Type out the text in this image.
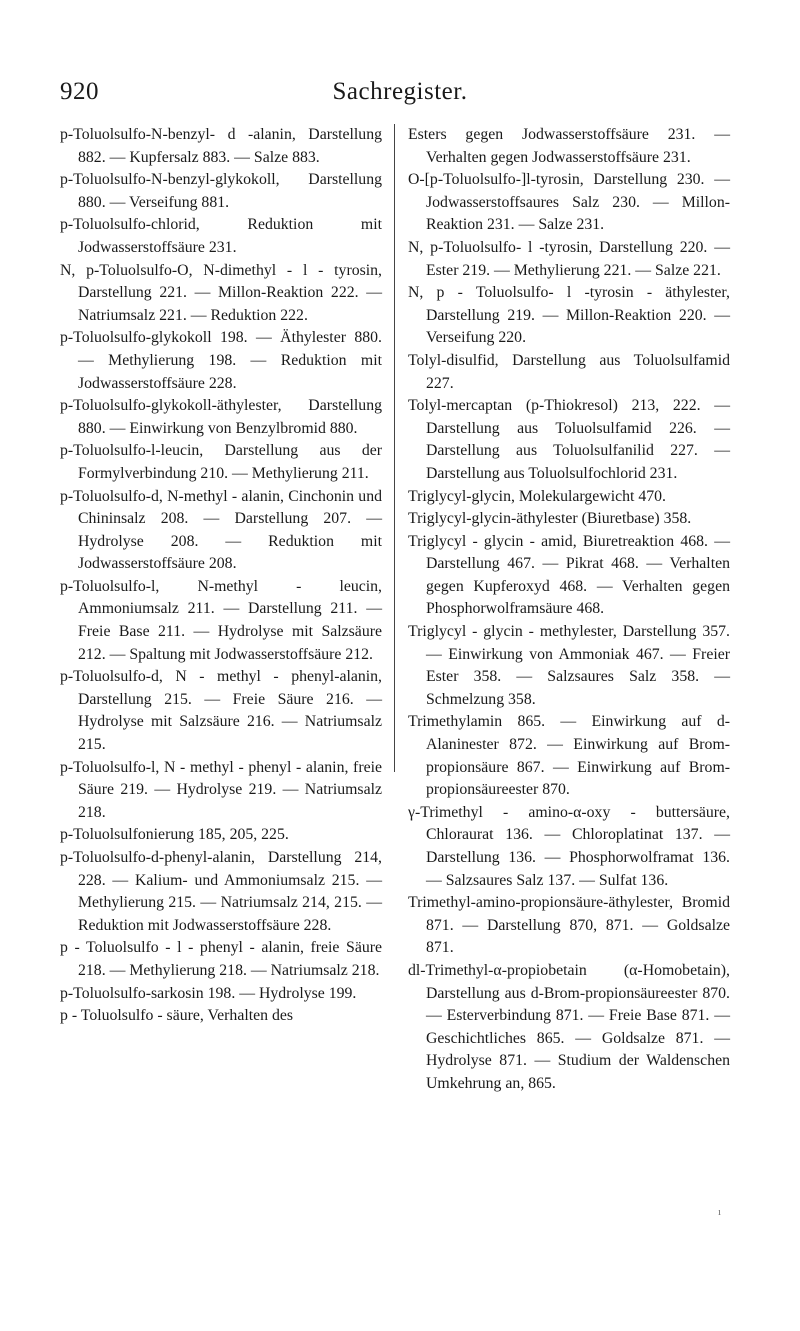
920	Sachregister.

p-Toluolsulfo-N-benzyl- d -alanin, Darstellung 882. — Kupfersalz 883. — Salze 883.

p-Toluolsulfo-N-benzyl-glykokoll, Darstellung 880. — Verseifung 881.

p-Toluolsulfo-chlorid, Reduktion mit Jodwasserstoffsäure 231.

N, p-Toluolsulfo-O, N-dimethyl - l - tyrosin, Darstellung 221. — Millon-Reaktion 222. — Natriumsalz 221. — Reduktion 222.

p-Toluolsulfo-glykokoll 198. — Äthylester 880. — Methylierung 198. — Reduktion mit Jodwasserstoffsäure 228.

p-Toluolsulfo-glykokoll-äthylester, Darstellung 880. — Einwirkung von Benzylbromid 880.

p-Toluolsulfo-l-leucin, Darstellung aus der Formylverbindung 210. — Methylierung 211.

p-Toluolsulfo-d, N-methyl - alanin, Cinchonin und Chininsalz 208. — Darstellung 207. — Hydrolyse 208. — Reduktion mit Jodwasserstoffsäure 208.

p-Toluolsulfo-l, N-methyl - leucin, Ammoniumsalz 211. — Darstellung 211. — Freie Base 211. — Hydrolyse mit Salzsäure 212. — Spaltung mit Jodwasserstoffsäure 212.

p-Toluolsulfo-d, N - methyl - phenyl-alanin, Darstellung 215. — Freie Säure 216. — Hydrolyse mit Salzsäure 216. — Natriumsalz 215.

p-Toluolsulfo-l, N - methyl - phenyl - alanin, freie Säure 219. — Hydrolyse 219. — Natriumsalz 218.

p-Toluolsulfonierung 185, 205, 225.

p-Toluolsulfo-d-phenyl-alanin, Darstellung 214, 228. — Kalium- und Ammoniumsalz 215. — Methylierung 215. — Natriumsalz 214, 215. — Reduktion mit Jodwasserstoffsäure 228.

p - Toluolsulfo - l - phenyl - alanin, freie Säure 218. — Methylierung 218. — Natriumsalz 218.

p-Toluolsulfo-sarkosin 198. — Hydrolyse 199.

p - Toluolsulfo - säure, Verhalten des

Esters gegen Jodwasserstoffsäure 231. — Verhalten gegen Jodwasserstoffsäure 231.

O-[p-Toluolsulfo-]l-tyrosin, Darstellung 230. — Jodwasserstoffsaures Salz 230. — Millon-Reaktion 231. — Salze 231.

N, p-Toluolsulfo- l -tyrosin, Darstellung 220. — Ester 219. — Methylierung 221. — Salze 221.

N, p - Toluolsulfo- l -tyrosin - äthylester, Darstellung 219. — Millon-Reaktion 220. — Verseifung 220.

Tolyl-disulfid, Darstellung aus Toluolsulfamid 227.

Tolyl-mercaptan (p-Thiokresol) 213, 222. — Darstellung aus Toluolsulfamid 226. — Darstellung aus Toluolsulfanilid 227. — Darstellung aus Toluolsulfochlorid 231.

Triglycyl-glycin, Molekulargewicht 470.

Triglycyl-glycin-äthylester (Biuretbase) 358.

Triglycyl - glycin - amid, Biuretreaktion 468. — Darstellung 467. — Pikrat 468. — Verhalten gegen Kupferoxyd 468. — Verhalten gegen Phosphorwolframsäure 468.

Triglycyl - glycin - methylester, Darstellung 357. — Einwirkung von Ammoniak 467. — Freier Ester 358. — Salzsaures Salz 358. — Schmelzung 358.

Trimethylamin 865. — Einwirkung auf d-Alaninester 872. — Einwirkung auf Brom-propionsäure 867. — Einwirkung auf Brom-propionsäureester 870.

γ-Trimethyl - amino-α-oxy - buttersäure, Chloraurat 136. — Chloroplatinat 137. — Darstellung 136. — Phosphorwolframat 136. — Salzsaures Salz 137. — Sulfat 136.

Trimethyl-amino-propionsäure-äthylester, Bromid 871. — Darstellung 870, 871. — Goldsalze 871.

dl-Trimethyl-α-propiobetain (α-Homobetain), Darstellung aus d-Brom-propionsäureester 870. — Esterverbindung 871. — Freie Base 871. — Geschichtliches 865. — Goldsalze 871. — Hydrolyse 871. — Studium der Waldenschen Umkehrung an, 865.

ı
